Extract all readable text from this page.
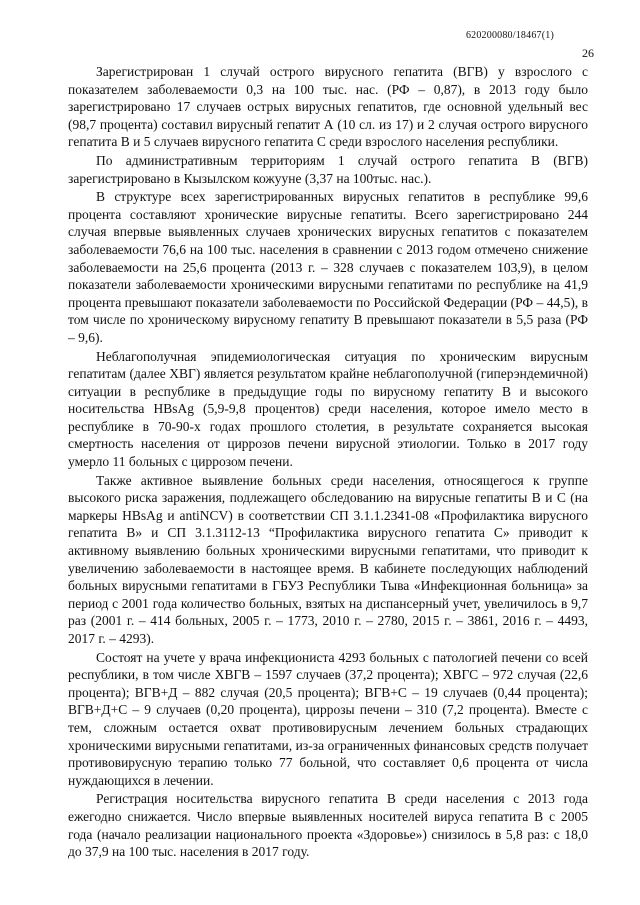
620200080/18467(1)
26

Зарегистрирован 1 случай острого вирусного гепатита (ВГВ) у взрослого с показателем заболеваемости 0,3 на 100 тыс. нас. (РФ – 0,87), в 2013 году было зарегистрировано 17 случаев острых вирусных гепатитов, где основной удельный вес (98,7 процента) составил вирусный гепатит А (10 сл. из 17) и 2 случая острого вирусного гепатита В и 5 случаев вирусного гепатита С среди взрослого населения республики.

По административным территориям 1 случай острого гепатита В (ВГВ) зарегистрировано в Кызылском кожууне (3,37 на 100тыс. нас.).

В структуре всех зарегистрированных вирусных гепатитов в республике 99,6 процента составляют хронические вирусные гепатиты. Всего зарегистрировано 244 случая впервые выявленных случаев хронических вирусных гепатитов с показателем заболеваемости 76,6 на 100 тыс. населения в сравнении с 2013 годом отмечено снижение заболеваемости на 25,6 процента (2013 г. – 328 случаев с показателем 103,9), в целом показатели заболеваемости хроническими вирусными гепатитами по республике на 41,9 процента превышают показатели заболеваемости по Российской Федерации (РФ – 44,5), в том числе по хроническому вирусному гепатиту В превышают показатели в 5,5 раза (РФ – 9,6).

Неблагополучная эпидемиологическая ситуация по хроническим вирусным гепатитам (далее ХВГ) является результатом крайне неблагополучной (гиперэндемичной) ситуации в республике в предыдущие годы по вирусному гепатиту В и высокого носительства HBsAg (5,9-9,8 процентов) среди населения, которое имело место в республике в 70-90-х годах прошлого столетия, в результате сохраняется высокая смертность населения от циррозов печени вирусной этиологии. Только в 2017 году умерло 11 больных с циррозом печени.

Также активное выявление больных среди населения, относящегося к группе высокого риска заражения, подлежащего обследованию на вирусные гепатиты В и С (на маркеры HBsAg и antiNCV) в соответствии СП 3.1.1.2341-08 «Профилактика вирусного гепатита В» и СП 3.1.3112-13 “Профилактика вирусного гепатита С» приводит к активному выявлению больных хроническими вирусными гепатитами, что приводит к увеличению заболеваемости в настоящее время. В кабинете последующих наблюдений больных вирусными гепатитами в ГБУЗ Республики Тыва «Инфекционная больница» за период с 2001 года количество больных, взятых на диспансерный учет, увеличилось в 9,7 раз (2001 г. – 414 больных, 2005 г. – 1773, 2010 г. – 2780, 2015 г. – 3861, 2016 г. – 4493, 2017 г. – 4293).

Состоят на учете у врача инфекциониста 4293 больных с патологией печени со всей республики, в том числе ХВГВ – 1597 случаев (37,2 процента); ХВГС – 972 случая (22,6 процента); ВГВ+Д – 882 случая (20,5 процента); ВГВ+С – 19 случаев (0,44 процента); ВГВ+Д+С – 9 случаев (0,20 процента), циррозы печени – 310 (7,2 процента). Вместе с тем, сложным остается охват противовирусным лечением больных страдающих хроническими вирусными гепатитами, из-за ограниченных финансовых средств получает противовирусную терапию только 77 больной, что составляет 0,6 процента от числа нуждающихся в лечении.

Регистрация носительства вирусного гепатита В среди населения с 2013 года ежегодно снижается. Число впервые выявленных носителей вируса гепатита В с 2005 года (начало реализации национального проекта «Здоровье») снизилось в 5,8 раз: с 18,0 до 37,9 на 100 тыс. населения в 2017 году.
